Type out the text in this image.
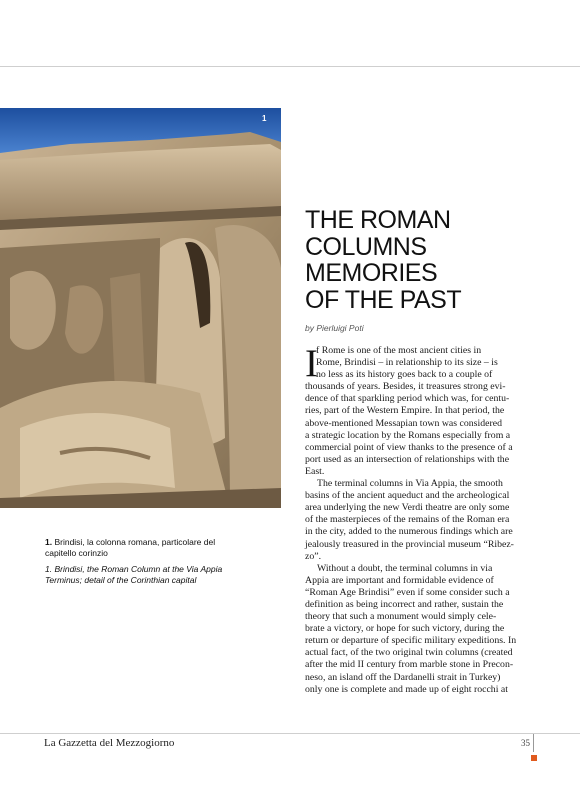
1
1. Brindisi, la colonna romana, particolare del capitello corinzio
1. Brindisi, the Roman Column at the Via Appia Terminus; detail of the Corinthian capital
THE ROMAN
COLUMNS
MEMORIES
OF THE PAST
by Pierluigi Poti
I
f Rome is one of the most ancient cities in
Rome, Brindisi – in relationship to its size – is
no less as its history goes back to a couple of
thousands of years. Besides, it treasures strong evi-
dence of that sparkling period which was, for centu-
ries, part of the Western Empire. In that period, the
above-mentioned Messapian town was considered
a strategic location by the Romans especially from a
commercial point of view thanks to the presence of a
port used as an intersection of relationships with the
East.
The terminal columns in Via Appia, the smooth
basins of the ancient aqueduct and the archeological
area underlying the new Verdi theatre are only some
of the masterpieces of the remains of the Roman era
in the city, added to the numerous findings which are
jealously treasured in the provincial museum “Ribez-
zo”.
Without a doubt, the terminal columns in via
Appia are important and formidable evidence of
“Roman Age Brindisi” even if some consider such a
definition as being incorrect and rather, sustain the
theory that such a monument would simply cele-
brate a victory, or hope for such victory, during the
return or departure of specific military expeditions. In
actual fact, of the two original twin columns (created
after the mid II century from marble stone in Precon-
neso, an island off the Dardanelli strait in Turkey)
only one is complete and made up of eight rocchi at
La Gazzetta del Mezzogiorno	35
